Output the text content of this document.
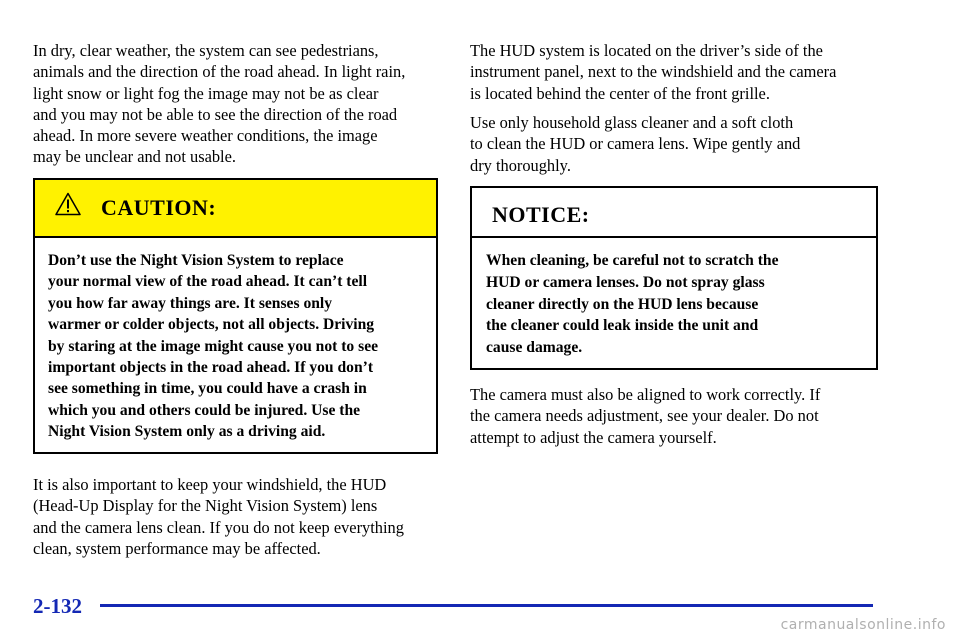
In dry, clear weather, the system can see pedestrians,
animals and the direction of the road ahead. In light rain,
light snow or light fog the image may not be as clear
and you may not be able to see the direction of the road
ahead. In more severe weather conditions, the image
may be unclear and not usable.

CAUTION:
Don’t use the Night Vision System to replace
your normal view of the road ahead. It can’t tell
you how far away things are. It senses only
warmer or colder objects, not all objects. Driving
by staring at the image might cause you not to see
important objects in the road ahead. If you don’t
see something in time, you could have a crash in
which you and others could be injured. Use the
Night Vision System only as a driving aid.

It is also important to keep your windshield, the HUD
(Head‐Up Display for the Night Vision System) lens
and the camera lens clean. If you do not keep everything
clean, system performance may be affected.

The HUD system is located on the driver’s side of the
instrument panel, next to the windshield and the camera
is located behind the center of the front grille.

Use only household glass cleaner and a soft cloth
to clean the HUD or camera lens. Wipe gently and
dry thoroughly.

NOTICE:
When cleaning, be careful not to scratch the
HUD or camera lenses. Do not spray glass
cleaner directly on the HUD lens because
the cleaner could leak inside the unit and
cause damage.

The camera must also be aligned to work correctly. If
the camera needs adjustment, see your dealer. Do not
attempt to adjust the camera yourself.

2-132
carmanualsonline.info
